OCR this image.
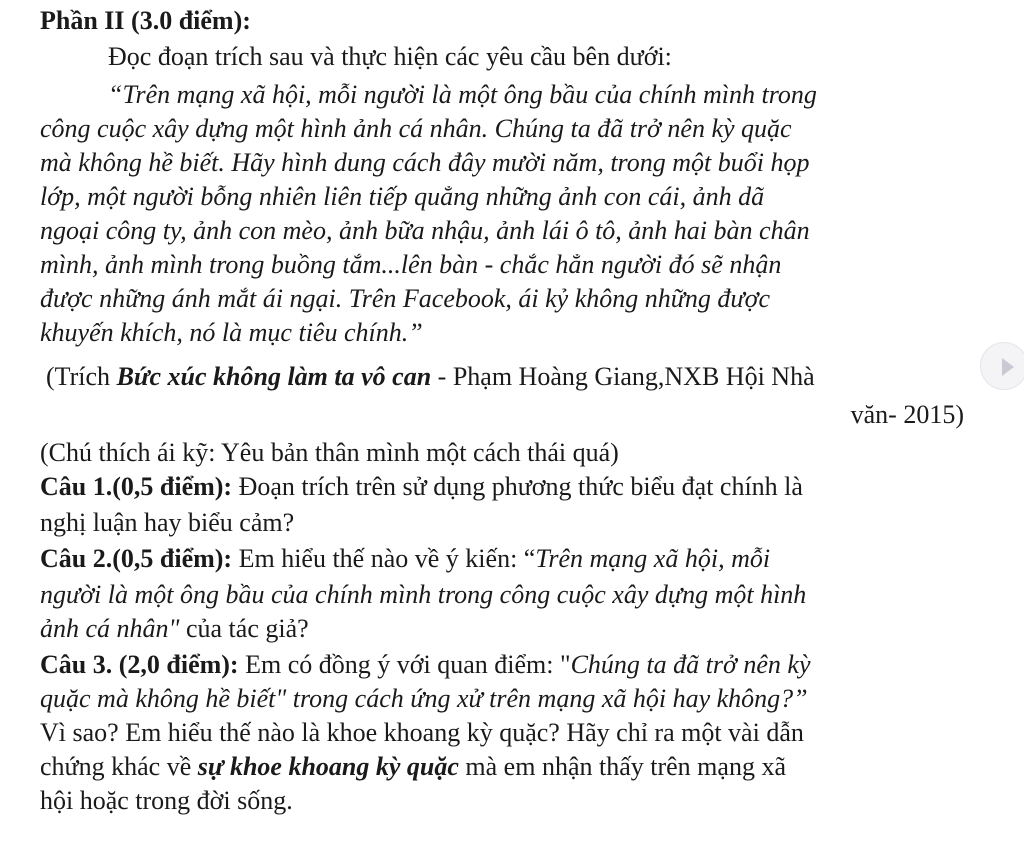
Phần II (3.0 điểm):
Đọc đoạn trích sau và thực hiện các yêu cầu bên dưới:
“Trên mạng xã hội, mỗi người là một ông bầu của chính mình trong
công cuộc xây dựng một hình ảnh cá nhân. Chúng ta đã trở nên kỳ quặc
mà không hề biết. Hãy hình dung cách đây mười năm, trong một buổi họp
lớp, một người bỗng nhiên liên tiếp quẳng những ảnh con cái, ảnh dã
ngoại công ty, ảnh con mèo, ảnh bữa nhậu, ảnh lái ô tô, ảnh hai bàn chân
mình, ảnh mình trong buồng tắm...lên bàn - chắc hẳn người đó sẽ nhận
được những ánh mắt ái ngại. Trên Facebook, ái kỷ không những được
khuyến khích, nó là mục tiêu chính.”
(Trích Bức xúc không làm ta vô can - Phạm Hoàng Giang,NXB Hội Nhà
văn- 2015)
(Chú thích ái kỹ: Yêu bản thân mình một cách thái quá)
Câu 1.(0,5 điểm): Đoạn trích trên sử dụng phương thức biểu đạt chính là
nghị luận hay biểu cảm?
Câu 2.(0,5 điểm): Em hiểu thế nào về ý kiến: “Trên mạng xã hội, mỗi
người là một ông bầu của chính mình trong công cuộc xây dựng một hình
ảnh cá nhân" của tác giả?
Câu 3. (2,0 điểm): Em có đồng ý với quan điểm: "Chúng ta đã trở nên kỳ
quặc mà không hề biết" trong cách ứng xử trên mạng xã hội hay không?”
Vì sao? Em hiểu thế nào là khoe khoang kỳ quặc? Hãy chỉ ra một vài dẫn
chứng khác về sự khoe khoang kỳ quặc mà em nhận thấy trên mạng xã
hội hoặc trong đời sống.
